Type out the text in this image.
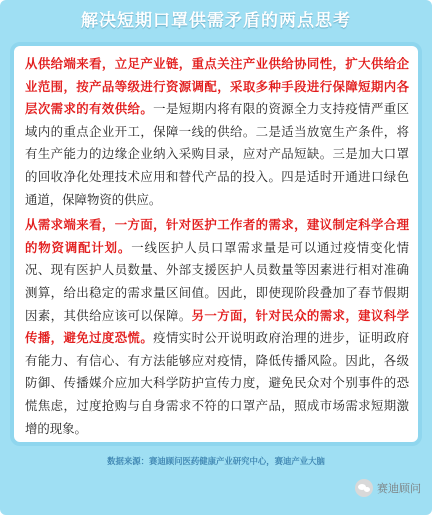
解决短期口罩供需矛盾的两点思考

从供给端来看，立足产业链，重点关注产业供给协同性，扩大供给企业范围，按产品等级进行资源调配，采取多种手段进行保障短期内各层次需求的有效供给。一是短期内将有限的资源全力支持疫情严重区域内的重点企业开工，保障一线的供给。二是适当放宽生产条件，将有生产能力的边缘企业纳入采购目录，应对产品短缺。三是加大口罩的回收净化处理技术应用和替代产品的投入。四是适时开通进口绿色通道，保障物资的供应。

从需求端来看，一方面，针对医护工作者的需求，建议制定科学合理的物资调配计划。一线医护人员口罩需求量是可以通过疫情变化情况、现有医护人员数量、外部支援医护人员数量等因素进行相对准确测算，给出稳定的需求量区间值。因此，即使现阶段叠加了春节假期因素，其供给应该可以保障。另一方面，针对民众的需求，建议科学传播，避免过度恐慌。疫情实时公开说明政府治理的进步，证明政府有能力、有信心、有方法能够应对疫情，降低传播风险。因此，各级防御、传播媒介应加大科学防护宣传力度，避免民众对个别事件的恐慌焦虑，过度抢购与自身需求不符的口罩产品，照成市场需求短期激增的现象。

数据来源：赛迪顾问医药健康产业研究中心，赛迪产业大脑
赛迪顾问
